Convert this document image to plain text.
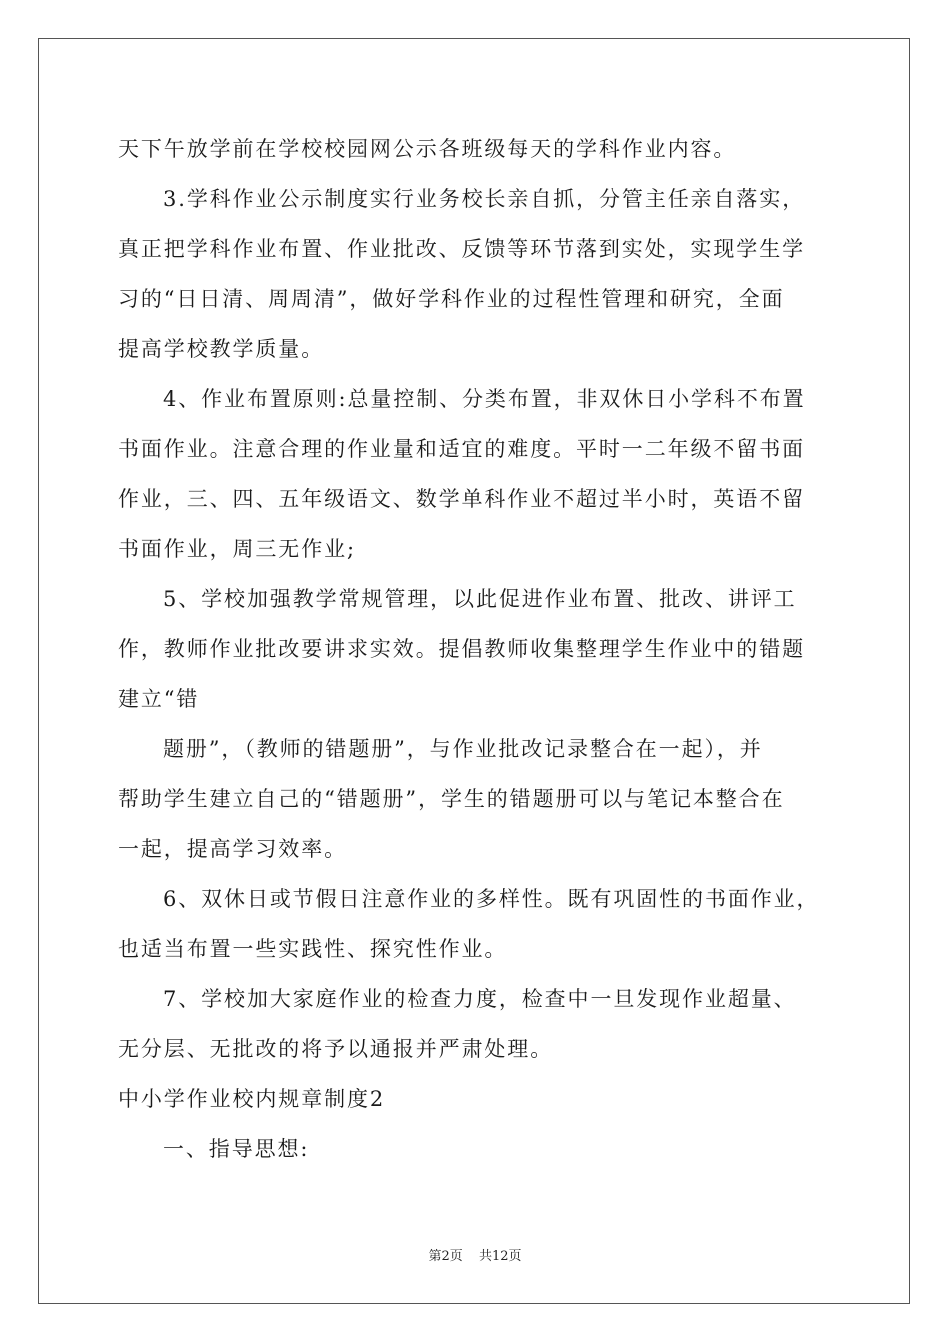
天下午放学前在学校校园网公示各班级每天的学科作业内容。
3.学科作业公示制度实行业务校长亲自抓，分管主任亲自落实，
真正把学科作业布置、作业批改、反馈等环节落到实处，实现学生学
习的“日日清、周周清”，做好学科作业的过程性管理和研究，全面
提高学校教学质量。
4、作业布置原则:总量控制、分类布置，非双休日小学科不布置
书面作业。注意合理的作业量和适宜的难度。平时一二年级不留书面
作业，三、四、五年级语文、数学单科作业不超过半小时，英语不留
书面作业，周三无作业;
5、学校加强教学常规管理，以此促进作业布置、批改、讲评工
作，教师作业批改要讲求实效。提倡教师收集整理学生作业中的错题
建立“错
题册”，（教师的错题册”，与作业批改记录整合在一起），并
帮助学生建立自己的“错题册”，学生的错题册可以与笔记本整合在
一起，提高学习效率。
6、双休日或节假日注意作业的多样性。既有巩固性的书面作业，
也适当布置一些实践性、探究性作业。
7、学校加大家庭作业的检查力度，检查中一旦发现作业超量、
无分层、无批改的将予以通报并严肃处理。
中小学作业校内规章制度2
一、指导思想:
第2页 共12页
